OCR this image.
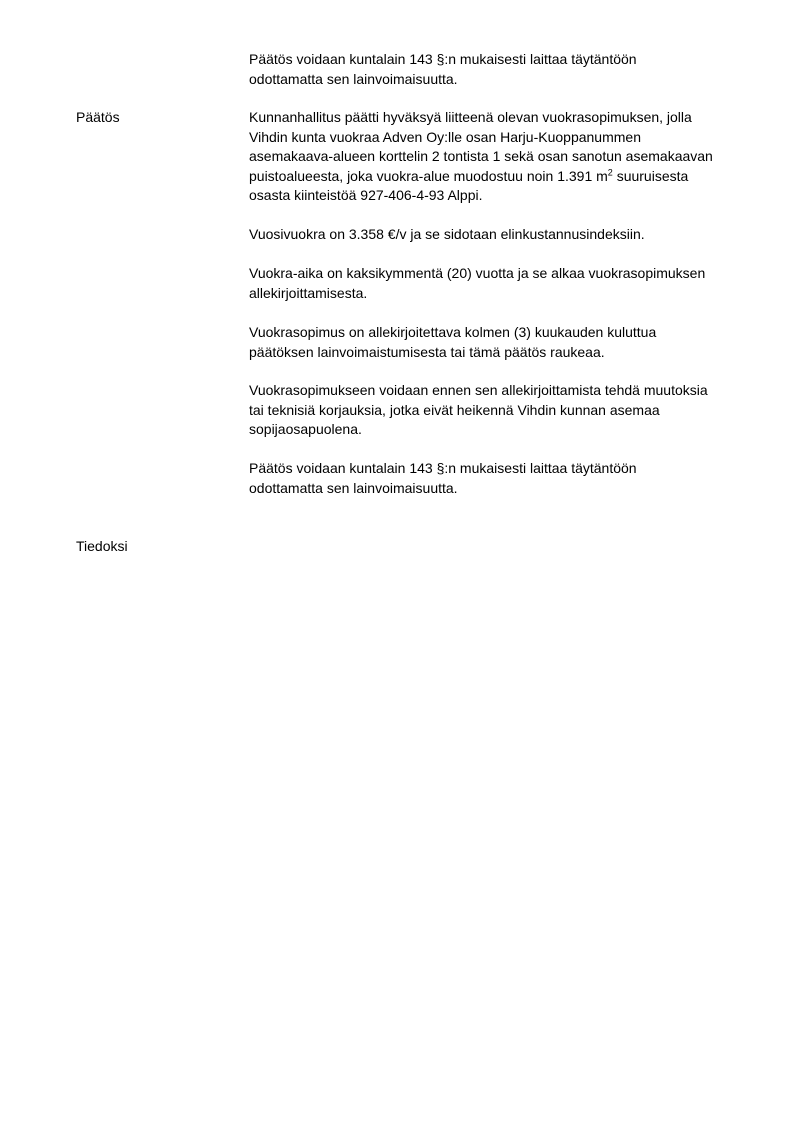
Päätös voidaan kuntalain 143 §:n mukaisesti laittaa täytäntöön
odottamatta sen lainvoimaisuutta.
Päätös	Kunnanhallitus päätti hyväksyä liitteenä olevan vuokrasopimuksen, jolla
Vihdin kunta vuokraa Adven Oy:lle osan Harju-Kuoppanummen
asemakaava-alueen korttelin 2 tontista 1 sekä osan sanotun asemakaavan
puistoalueesta, joka vuokra-alue muodostuu noin 1.391 $m^2$ suuruisesta
osasta kiinteistöä 927-406-4-93 Alppi.
Vuosivuokra on 3.358 €/v ja se sidotaan elinkustannusindeksiin.
Vuokra-aika on kaksikymmentä (20) vuotta ja se alkaa vuokrasopimuksen
allekirjoittamisesta.
Vuokrasopimus on allekirjoitettava kolmen (3) kuukauden kuluttua
päätöksen lainvoimaistumisesta tai tämä päätös raukeaa.
Vuokrasopimukseen voidaan ennen sen allekirjoittamista tehdä muutoksia
tai teknisiä korjauksia, jotka eivät heikennä Vihdin kunnan asemaa
sopijaosapuolena.
Päätös voidaan kuntalain 143 §:n mukaisesti laittaa täytäntöön
odottamatta sen lainvoimaisuutta.
Tiedoksi
